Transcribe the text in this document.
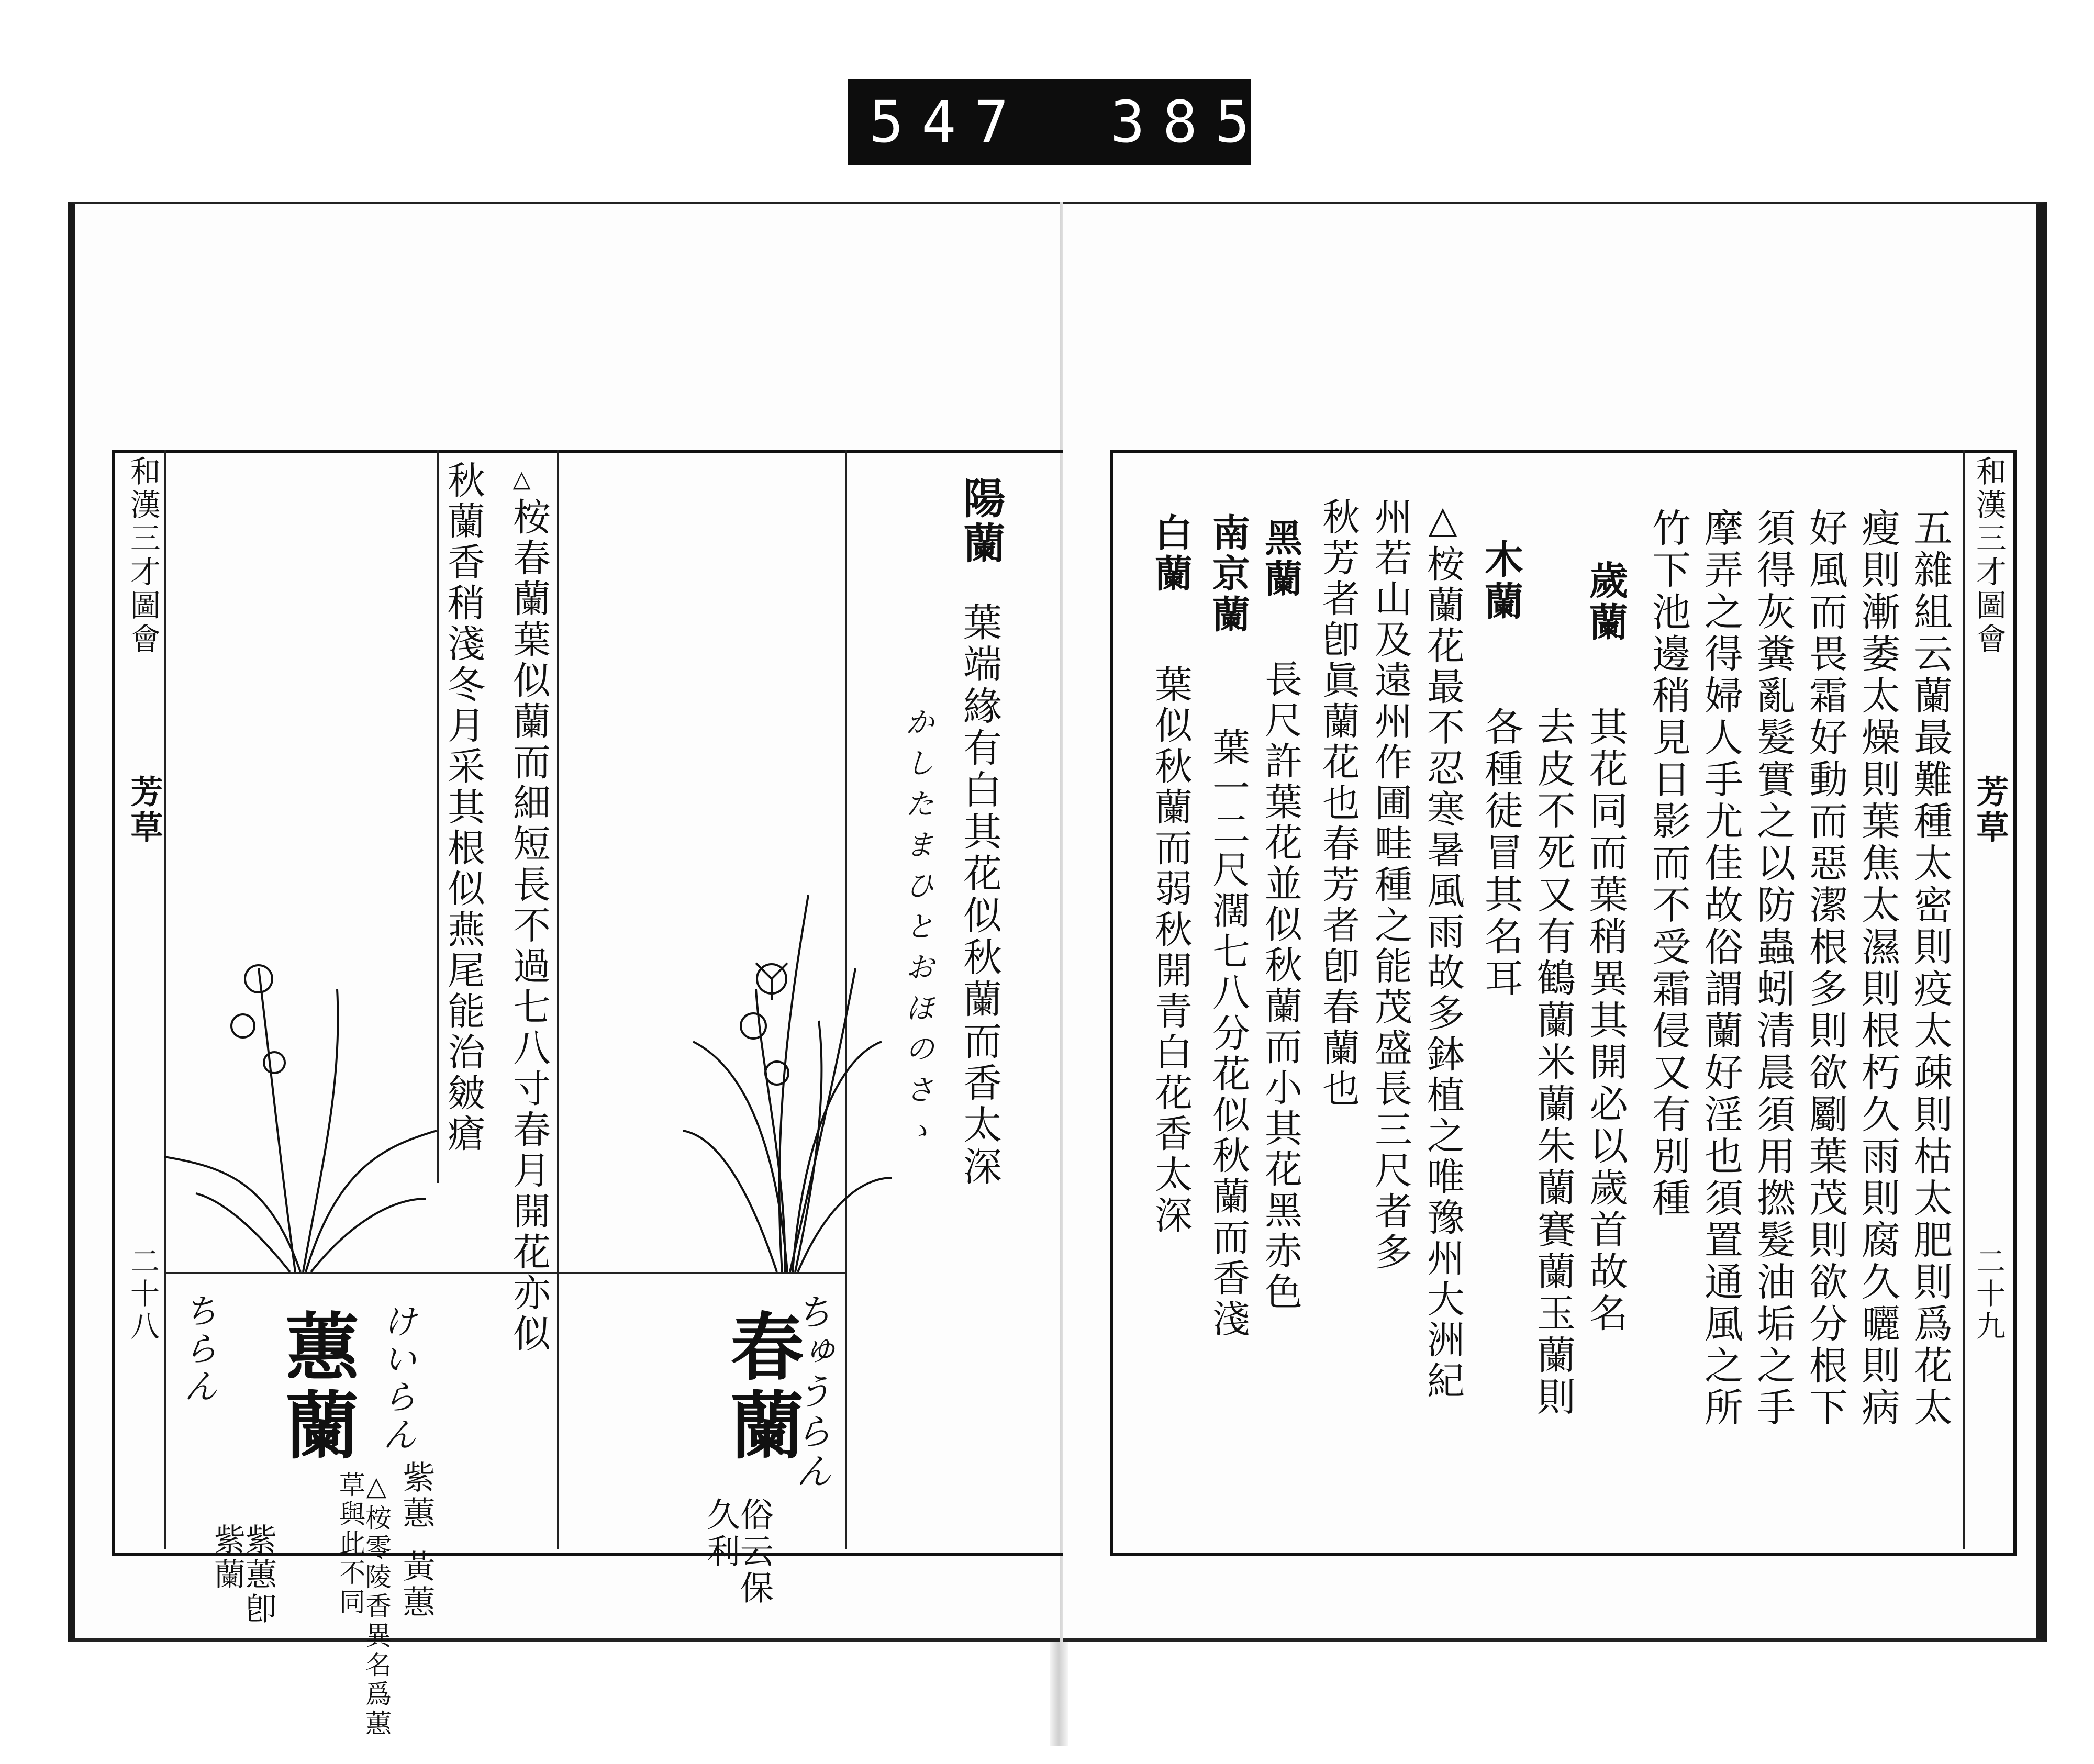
547 385.
和漢三才圖會
芳草
二十八
陽蘭
葉端緣有白其花似秋蘭而香太深
かしたまひとおほのさゝ
春蘭
ちゅうらん
俗云保久利
△
桉春蘭葉似蘭而細短長不過七八寸春月開花亦似
秋蘭香稍淺冬月采其根似燕尾能治皴瘡
蕙蘭 けいらん
ちらん
紫蕙
黃蕙
△桉零陵香異名爲蕙草與此不同
紫蕙卽紫蘭
和漢三才圖會
芳草
二十九
五雜組云蘭最難種太密則疫太疎則枯太肥則爲花太
瘦則漸萎太燥則葉焦太濕則根朽久雨則腐久曬則病
好風而畏霜好動而惡潔根多則欲劚葉茂則欲分根下
須得灰糞亂髮實之以防蟲蚓清晨須用撚髮油垢之手
摩弄之得婦人手尤佳故俗謂蘭好淫也須置通風之所
竹下池邊稍見日影而不受霜侵又有別種
歲蘭
其花同而葉稍異其開必以歲首故名
去皮不死又有鶴蘭米蘭朱蘭賽蘭玉蘭則
各種徒冒其名耳
木蘭
△桉蘭花最不忍寒暑風雨故多鉢植之唯豫州大洲紀
州若山及遠州作圃畦種之能茂盛長三尺者多
秋芳者卽眞蘭花也春芳者卽春蘭也
黑蘭
長尺許葉花並似秋蘭而小其花黑赤色
南京蘭
葉一二尺濶七八分花似秋蘭而香淺
白蘭
葉似秋蘭而弱秋開青白花香太深
